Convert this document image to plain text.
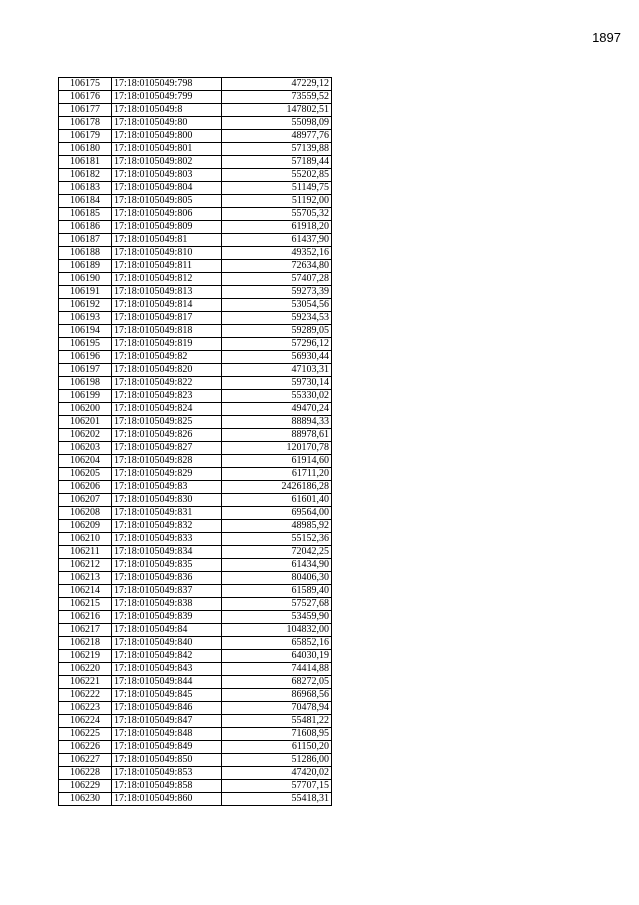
1897
106175	17:18:0105049:798	47229,12
106176	17:18:0105049:799	73559,52
106177	17:18:0105049:8	147802,51
106178	17:18:0105049:80	55098,09
106179	17:18:0105049:800	48977,76
106180	17:18:0105049:801	57139,88
106181	17:18:0105049:802	57189,44
106182	17:18:0105049:803	55202,85
106183	17:18:0105049:804	51149,75
106184	17:18:0105049:805	51192,00
106185	17:18:0105049:806	55705,32
106186	17:18:0105049:809	61918,20
106187	17:18:0105049:81	61437,90
106188	17:18:0105049:810	49352,16
106189	17:18:0105049:811	72634,80
106190	17:18:0105049:812	57407,28
106191	17:18:0105049:813	59273,39
106192	17:18:0105049:814	53054,56
106193	17:18:0105049:817	59234,53
106194	17:18:0105049:818	59289,05
106195	17:18:0105049:819	57296,12
106196	17:18:0105049:82	56930,44
106197	17:18:0105049:820	47103,31
106198	17:18:0105049:822	59730,14
106199	17:18:0105049:823	55330,02
106200	17:18:0105049:824	49470,24
106201	17:18:0105049:825	88894,33
106202	17:18:0105049:826	88978,61
106203	17:18:0105049:827	120170,78
106204	17:18:0105049:828	61914,60
106205	17:18:0105049:829	61711,20
106206	17:18:0105049:83	2426186,28
106207	17:18:0105049:830	61601,40
106208	17:18:0105049:831	69564,00
106209	17:18:0105049:832	48985,92
106210	17:18:0105049:833	55152,36
106211	17:18:0105049:834	72042,25
106212	17:18:0105049:835	61434,90
106213	17:18:0105049:836	80406,30
106214	17:18:0105049:837	61589,40
106215	17:18:0105049:838	57527,68
106216	17:18:0105049:839	53459,90
106217	17:18:0105049:84	104832,00
106218	17:18:0105049:840	65852,16
106219	17:18:0105049:842	64030,19
106220	17:18:0105049:843	74414,88
106221	17:18:0105049:844	68272,05
106222	17:18:0105049:845	86968,56
106223	17:18:0105049:846	70478,94
106224	17:18:0105049:847	55481,22
106225	17:18:0105049:848	71608,95
106226	17:18:0105049:849	61150,20
106227	17:18:0105049:850	51286,00
106228	17:18:0105049:853	47420,02
106229	17:18:0105049:858	57707,15
106230	17:18:0105049:860	55418,31
